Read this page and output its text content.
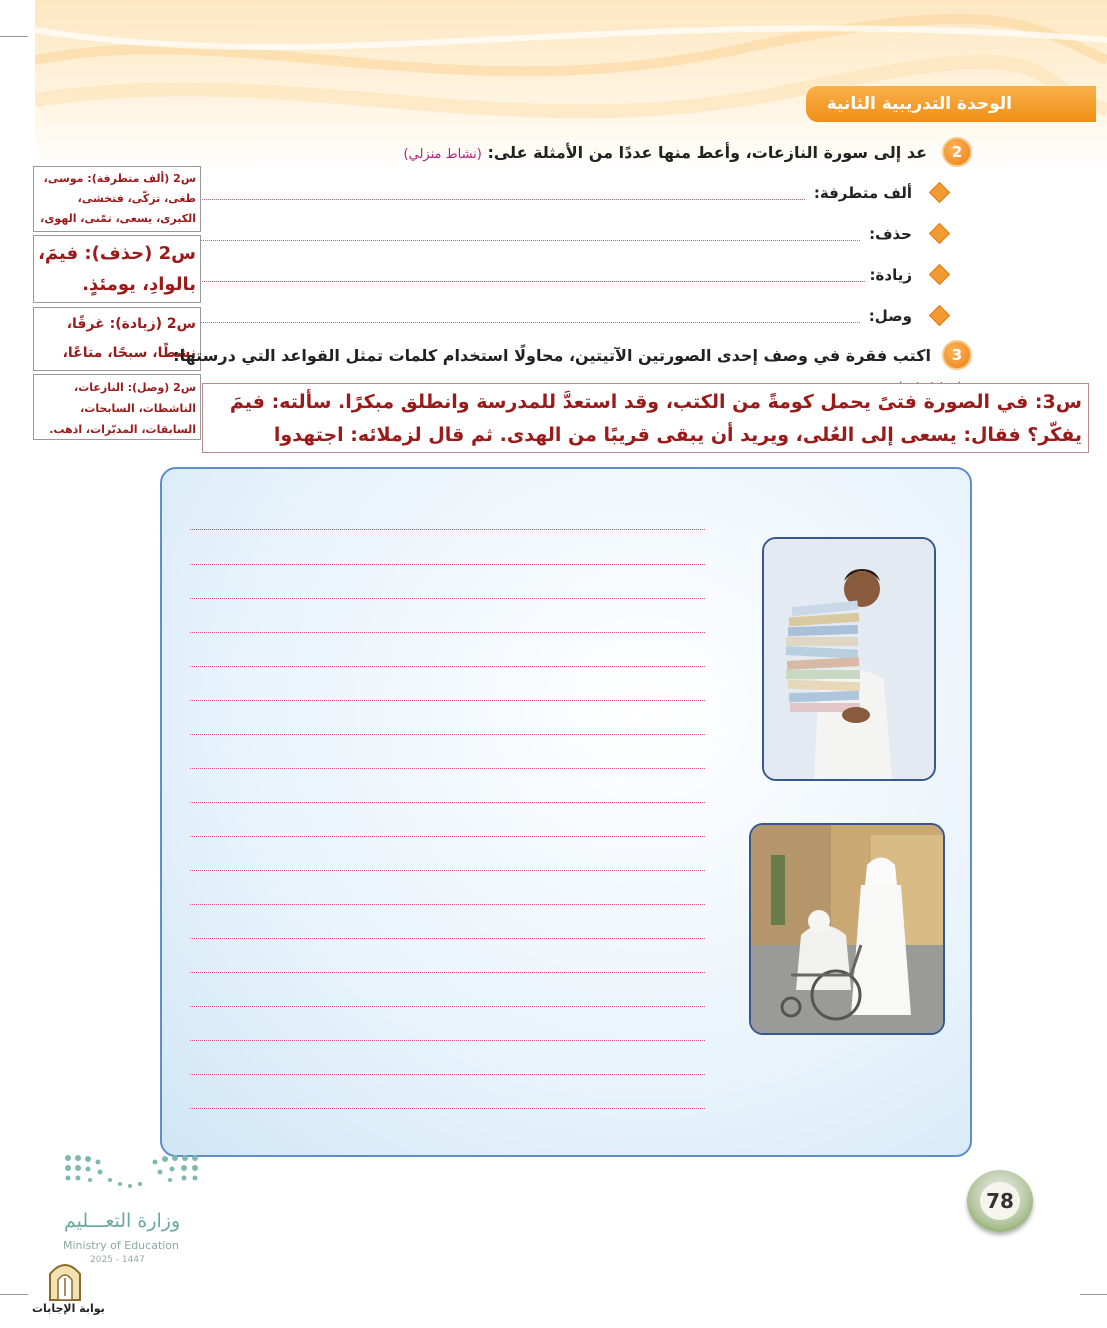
الوحدة التدريبية الثانية
2
عد إلى سورة النازعات، وأعط منها عددًا من الأمثلة على: (نشاط منزلي)
ألف متطرفة:
حذف:
زيادة:
وصل:
س2 (ألف متطرفة): موسى، طغى، تزكّى، فتخشى، الكبرى، يسعى، تمّنى، الهوى،
س2 (حذف): فيمَ، بالوادِ، يومئذٍ.
س2 (زيادة): غرقًا، نشطًا، سبحًا، متاعًا،
س2 (وصل): النازعات، الناشطات، السابحات، السابقات، المدبّرات، اذهب.
3
اكتب فقرة في وصف إحدى الصورتين الآتيتين، محاولًا استخدام كلمات تمثل القواعد التي درستها:
س3: في الصورة فتىً يحمل كومةً من الكتب، وقد استعدَّ للمدرسة وانطلق مبكرًا. سألته: فيمَ يفكّر؟ فقال: يسعى إلى العُلى، ويريد أن يبقى قريبًا من الهدى. ثم قال لزملائه: اجتهدوا
78
وزارة التعـــليم
Ministry of Education
2025 - 1447
بوابة الإجابات
